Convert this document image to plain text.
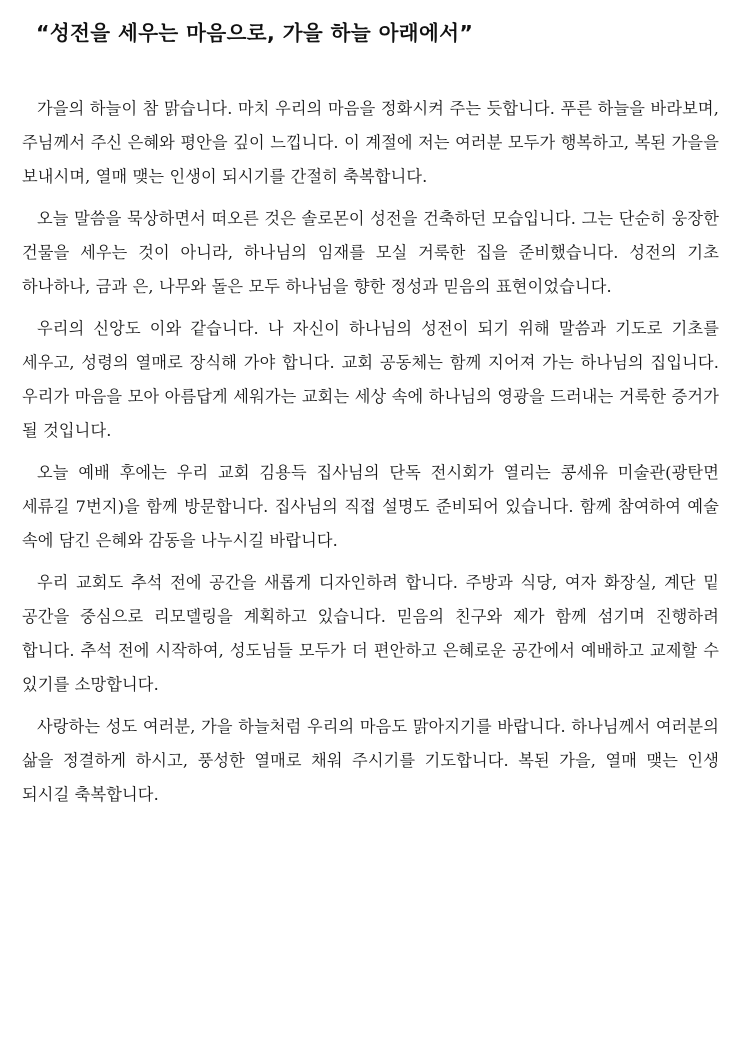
“성전을 세우는 마음으로, 가을 하늘 아래에서”

가을의 하늘이 참 맑습니다. 마치 우리의 마음을 정화시켜 주는 듯합니다. 푸른 하늘을 바라보며, 주님께서 주신 은혜와 평안을 깊이 느낍니다. 이 계절에 저는 여러분 모두가 행복하고, 복된 가을을 보내시며, 열매 맺는 인생이 되시기를 간절히 축복합니다.

오늘 말씀을 묵상하면서 떠오른 것은 솔로몬이 성전을 건축하던 모습입니다. 그는 단순히 웅장한 건물을 세우는 것이 아니라, 하나님의 임재를 모실 거룩한 집을 준비했습니다. 성전의 기초 하나하나, 금과 은, 나무와 돌은 모두 하나님을 향한 정성과 믿음의 표현이었습니다.

우리의 신앙도 이와 같습니다. 나 자신이 하나님의 성전이 되기 위해 말씀과 기도로 기초를 세우고, 성령의 열매로 장식해 가야 합니다. 교회 공동체는 함께 지어져 가는 하나님의 집입니다. 우리가 마음을 모아 아름답게 세워가는 교회는 세상 속에 하나님의 영광을 드러내는 거룩한 증거가 될 것입니다.

오늘 예배 후에는 우리 교회 김용득 집사님의 단독 전시회가 열리는 콩세유 미술관(광탄면 세류길 7번지)을 함께 방문합니다. 집사님의 직접 설명도 준비되어 있습니다. 함께 참여하여 예술 속에 담긴 은혜와 감동을 나누시길 바랍니다.

우리 교회도 추석 전에 공간을 새롭게 디자인하려 합니다. 주방과 식당, 여자 화장실, 계단 밑 공간을 중심으로 리모델링을 계획하고 있습니다. 믿음의 친구와 제가 함께 섬기며 진행하려 합니다. 추석 전에 시작하여, 성도님들 모두가 더 편안하고 은혜로운 공간에서 예배하고 교제할 수 있기를 소망합니다.

사랑하는 성도 여러분, 가을 하늘처럼 우리의 마음도 맑아지기를 바랍니다. 하나님께서 여러분의 삶을 정결하게 하시고, 풍성한 열매로 채워 주시기를 기도합니다. 복된 가을, 열매 맺는 인생 되시길 축복합니다.
